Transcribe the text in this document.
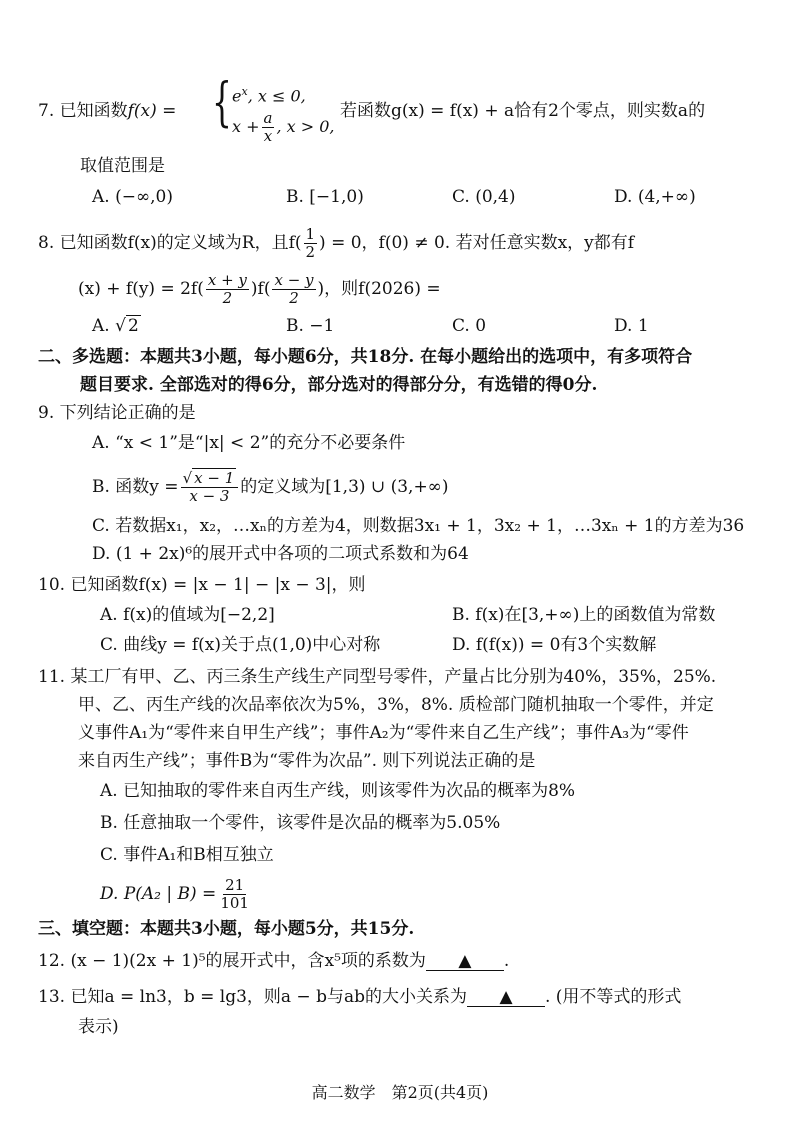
7. 已知函数f(x) = { $e^x$, x ≤ 0,
$x + \frac{a}{x}$ , x > 0,
若函数g(x) = f(x) + a恰有2个零点，则实数a的
取值范围是
A. (−∞,0)	B. [−1,0)	C. (0,4)	D. (4,+∞)
8. 已知函数f(x)的定义域为R，且$f( \frac{1}{2}$ ) = 0，f(0) ≠ 0. 若对任意实数x，y都有f
$(x) + f(y) = 2f( \frac{x + y}{2} )f( \frac{x - y}{2}$ )，则f(2026) =
A. √ 2	B. −1	C. 0	D. 1
二、多选题：本题共3小题，每小题6分，共18分. 在每小题给出的选项中，有多项符合
题目要求. 全部选对的得6分，部分选对的得部分分，有选错的得0分.
9. 下列结论正确的是
A. “x < 1”是“|x| < 2”的充分不必要条件
B. 函数$y = \frac{√ x - 1}{x - 3}$ 的定义域为[1,3) ∪ (3,+∞)
C. 若数据x₁，x₂，…xₙ的方差为4，则数据3x₁ + 1，3x₂ + 1，…3xₙ + 1的方差为36
D. (1 + 2x)⁶的展开式中各项的二项式系数和为64
10. 已知函数f(x) = |x − 1| − |x − 3|，则
A. f(x)的值域为[−2,2]	B. f(x)在[3,+∞)上的函数值为常数
C. 曲线y = f(x)关于点(1,0)中心对称	D. f(f(x)) = 0有3个实数解
11. 某工厂有甲、乙、丙三条生产线生产同型号零件，产量占比分别为40%，35%，25%.
甲、乙、丙生产线的次品率依次为5%，3%，8%. 质检部门随机抽取一个零件，并定
义事件A₁为“零件来自甲生产线”；事件A₂为“零件来自乙生产线”；事件A₃为“零件
来自丙生产线”；事件B为“零件为次品”. 则下列说法正确的是
A. 已知抽取的零件来自丙生产线，则该零件为次品的概率为8%
B. 任意抽取一个零件，该零件是次品的概率为5.05%
C. 事件A₁和B相互独立
D. P(A₂ | $B) = \frac{21}{101}$
三、填空题：本题共3小题，每小题5分，共15分.
12. (x − 1)(2x + 1)⁵的展开式中，含x⁵项的系数为 ▲ .
13. 已知a = ln3，b = lg3，则a − b与ab的大小关系为 ▲ . (用不等式的形式
表示)
高二数学　第2页(共4页)
